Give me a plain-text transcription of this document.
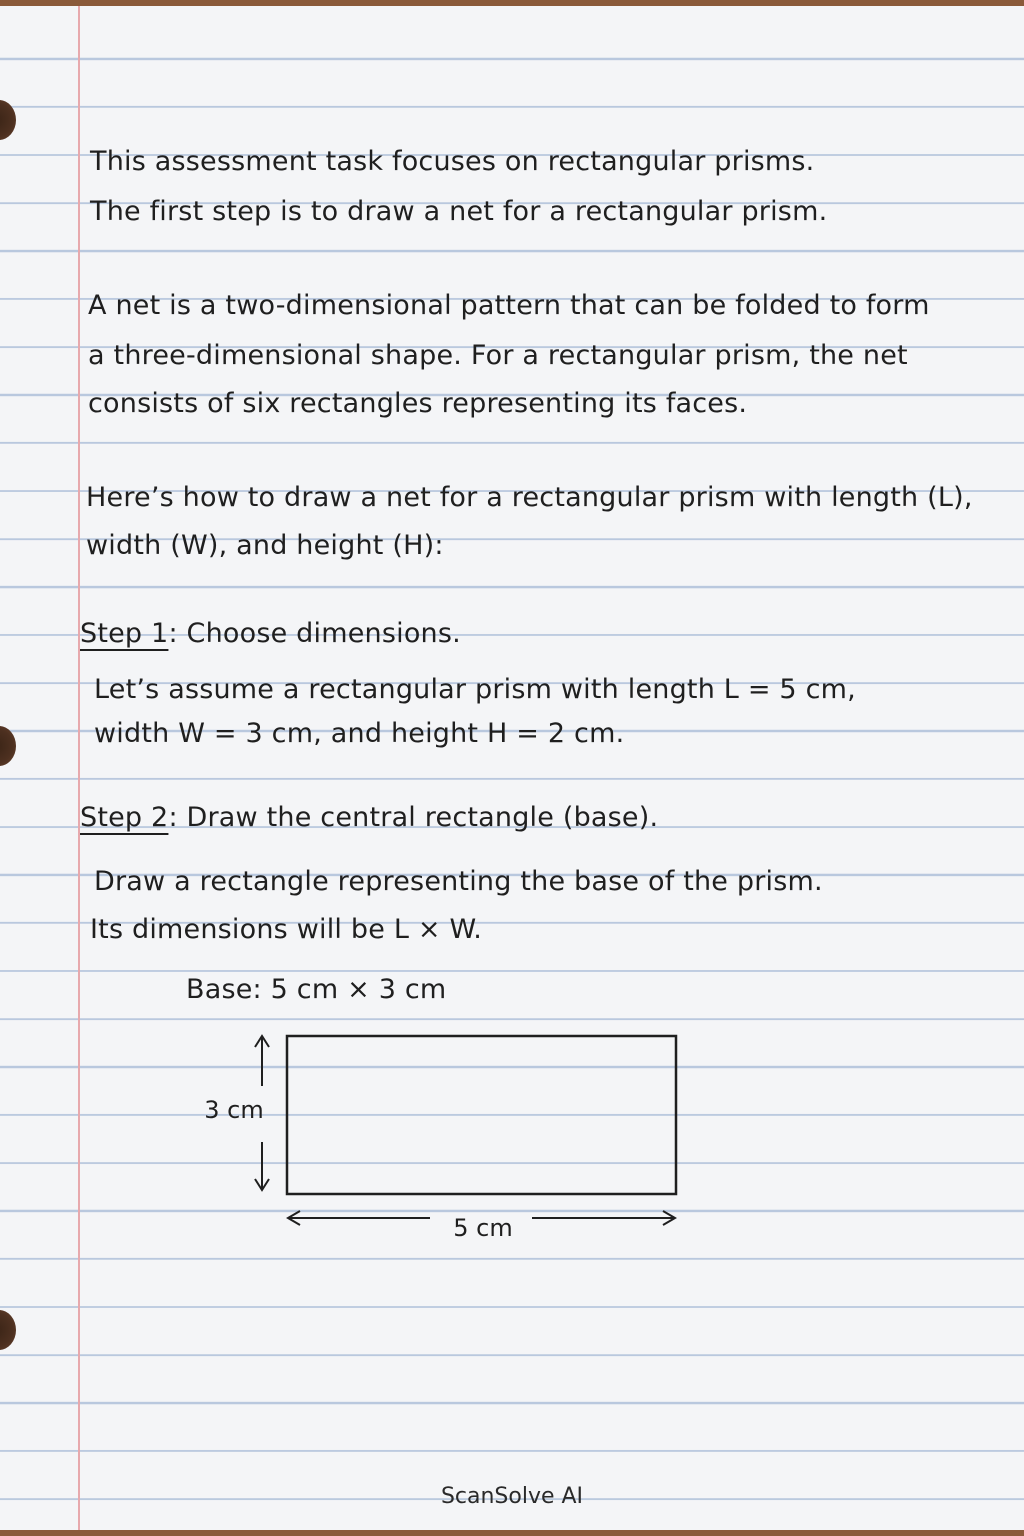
This assessment task focuses on rectangular prisms.

The first step is to draw a net for a rectangular prism.

A net is a two-dimensional pattern that can be folded to form

a three-dimensional shape. For a rectangular prism, the net

consists of six rectangles representing its faces.

Here’s how to draw a net for a rectangular prism with length (L),

width (W), and height (H):

Step 1: Choose dimensions.

Let’s assume a rectangular prism with length L = 5 cm,

width W = 3 cm, and height H = 2 cm.

Step 2: Draw the central rectangle (base).

Draw a rectangle representing the base of the prism.

Its dimensions will be L × W.

Base: 5 cm × 3 cm

3 cm
5 cm
ScanSolve AI
